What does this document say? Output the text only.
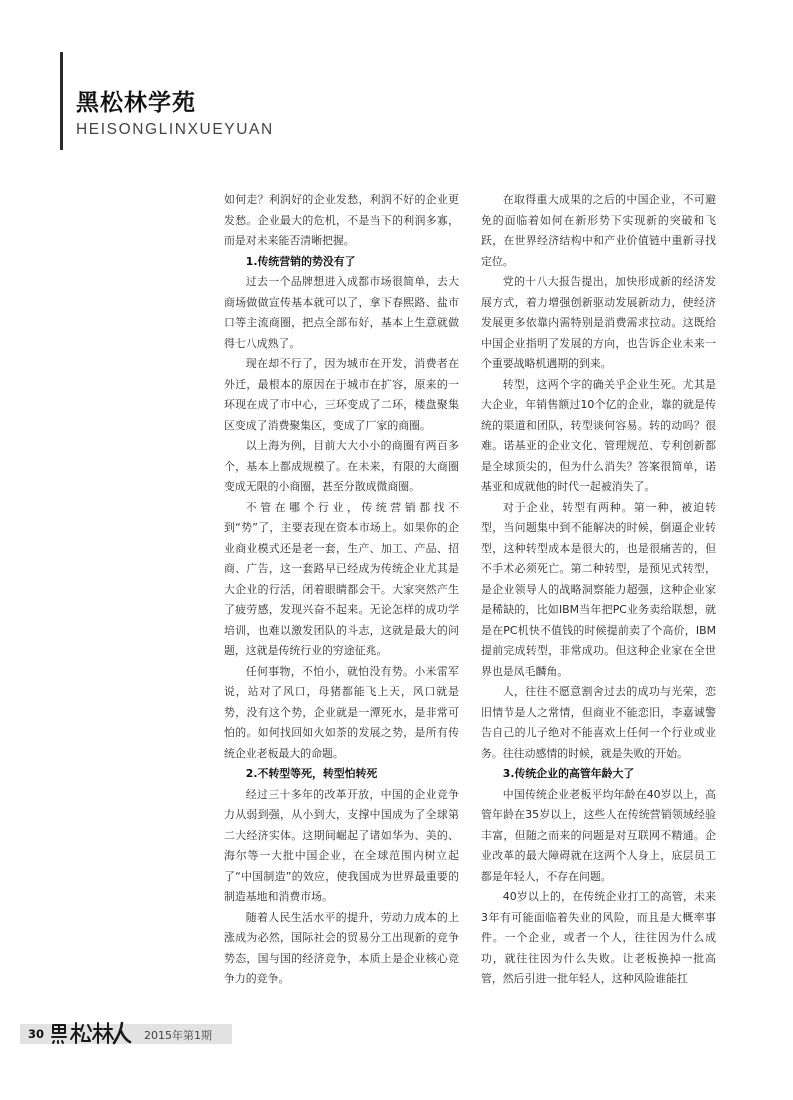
黑松林学苑
HEISONGLINXUEYUAN

如何走？利润好的企业发愁，利润不好的企业更发愁。企业最大的危机，不是当下的利润多寡，而是对未来能否清晰把握。

1.传统营销的势没有了

过去一个品牌想进入成都市场很简单，去大商场做做宣传基本就可以了，拿下春熙路、盐市口等主流商圈，把点全部布好，基本上生意就做得七八成熟了。

现在却不行了，因为城市在开发，消费者在外迁，最根本的原因在于城市在扩容，原来的一环现在成了市中心，三环变成了二环，楼盘聚集区变成了消费聚集区，变成了厂家的商圈。

以上海为例，目前大大小小的商圈有两百多个，基本上都成规模了。在未来，有限的大商圈变成无限的小商圈，甚至分散成微商圈。

不管在哪个行业，传统营销都找不到“势”了，主要表现在资本市场上。如果你的企业商业模式还是老一套，生产、加工、产品、招商、广告，这一套路早已经成为传统企业尤其是大企业的行活，闭着眼睛都会干。大家突然产生了疲劳感，发现兴奋不起来。无论怎样的成功学培训，也难以激发团队的斗志，这就是最大的问题，这就是传统行业的穷途征兆。

任何事物，不怕小，就怕没有势。小米雷军说，站对了风口，母猪都能飞上天，风口就是势，没有这个势，企业就是一潭死水，是非常可怕的。如何找回如火如荼的发展之势，是所有传统企业老板最大的命题。

2.不转型等死，转型怕转死

经过三十多年的改革开放，中国的企业竞争力从弱到强，从小到大，支撑中国成为了全球第二大经济实体。这期间崛起了诸如华为、美的、海尔等一大批中国企业，在全球范围内树立起了“中国制造”的效应，使我国成为世界最重要的制造基地和消费市场。

随着人民生活水平的提升，劳动力成本的上涨成为必然，国际社会的贸易分工出现新的竞争势态，国与国的经济竞争，本质上是企业核心竞争力的竞争。

在取得重大成果的之后的中国企业，不可避免的面临着如何在新形势下实现新的突破和飞跃，在世界经济结构中和产业价值链中重新寻找定位。

党的十八大报告提出，加快形成新的经济发展方式，着力增强创新驱动发展新动力，使经济发展更多依靠内需特别是消费需求拉动。这既给中国企业指明了发展的方向，也告诉企业未来一个重要战略机遇期的到来。

转型，这两个字的确关乎企业生死。尤其是大企业，年销售额过10个亿的企业，靠的就是传统的渠道和团队，转型谈何容易。转的动吗？很难。诺基亚的企业文化、管理规范、专利创新都是全球顶尖的，但为什么消失？答案很简单，诺基亚和成就他的时代一起被消失了。

对于企业，转型有两种。第一种，被迫转型，当问题集中到不能解决的时候，倒逼企业转型，这种转型成本是很大的，也是很痛苦的，但不手术必须死亡。第二种转型，是预见式转型，是企业领导人的战略洞察能力超强，这种企业家是稀缺的，比如IBM当年把PC业务卖给联想，就是在PC机快不值钱的时候提前卖了个高价，IBM提前完成转型，非常成功。但这种企业家在全世界也是凤毛麟角。

人，往往不愿意割舍过去的成功与光荣，恋旧情节是人之常情，但商业不能恋旧，李嘉诚警告自己的儿子绝对不能喜欢上任何一个行业或业务。往往动感情的时候，就是失败的开始。

3.传统企业的高管年龄大了

中国传统企业老板平均年龄在40岁以上，高管年龄在35岁以上，这些人在传统营销领域经验丰富，但随之而来的问题是对互联网不精通。企业改革的最大障碍就在这两个人身上，底层员工都是年轻人，不存在问题。

40岁以上的，在传统企业打工的高管，未来3年有可能面临着失业的风险，而且是大概率事件。一个企业，或者一个人，往往因为什么成功，就往往因为什么失败。让老板换掉一批高管，然后引进一批年轻人，这种风险谁能扛

30	2015年第1期
